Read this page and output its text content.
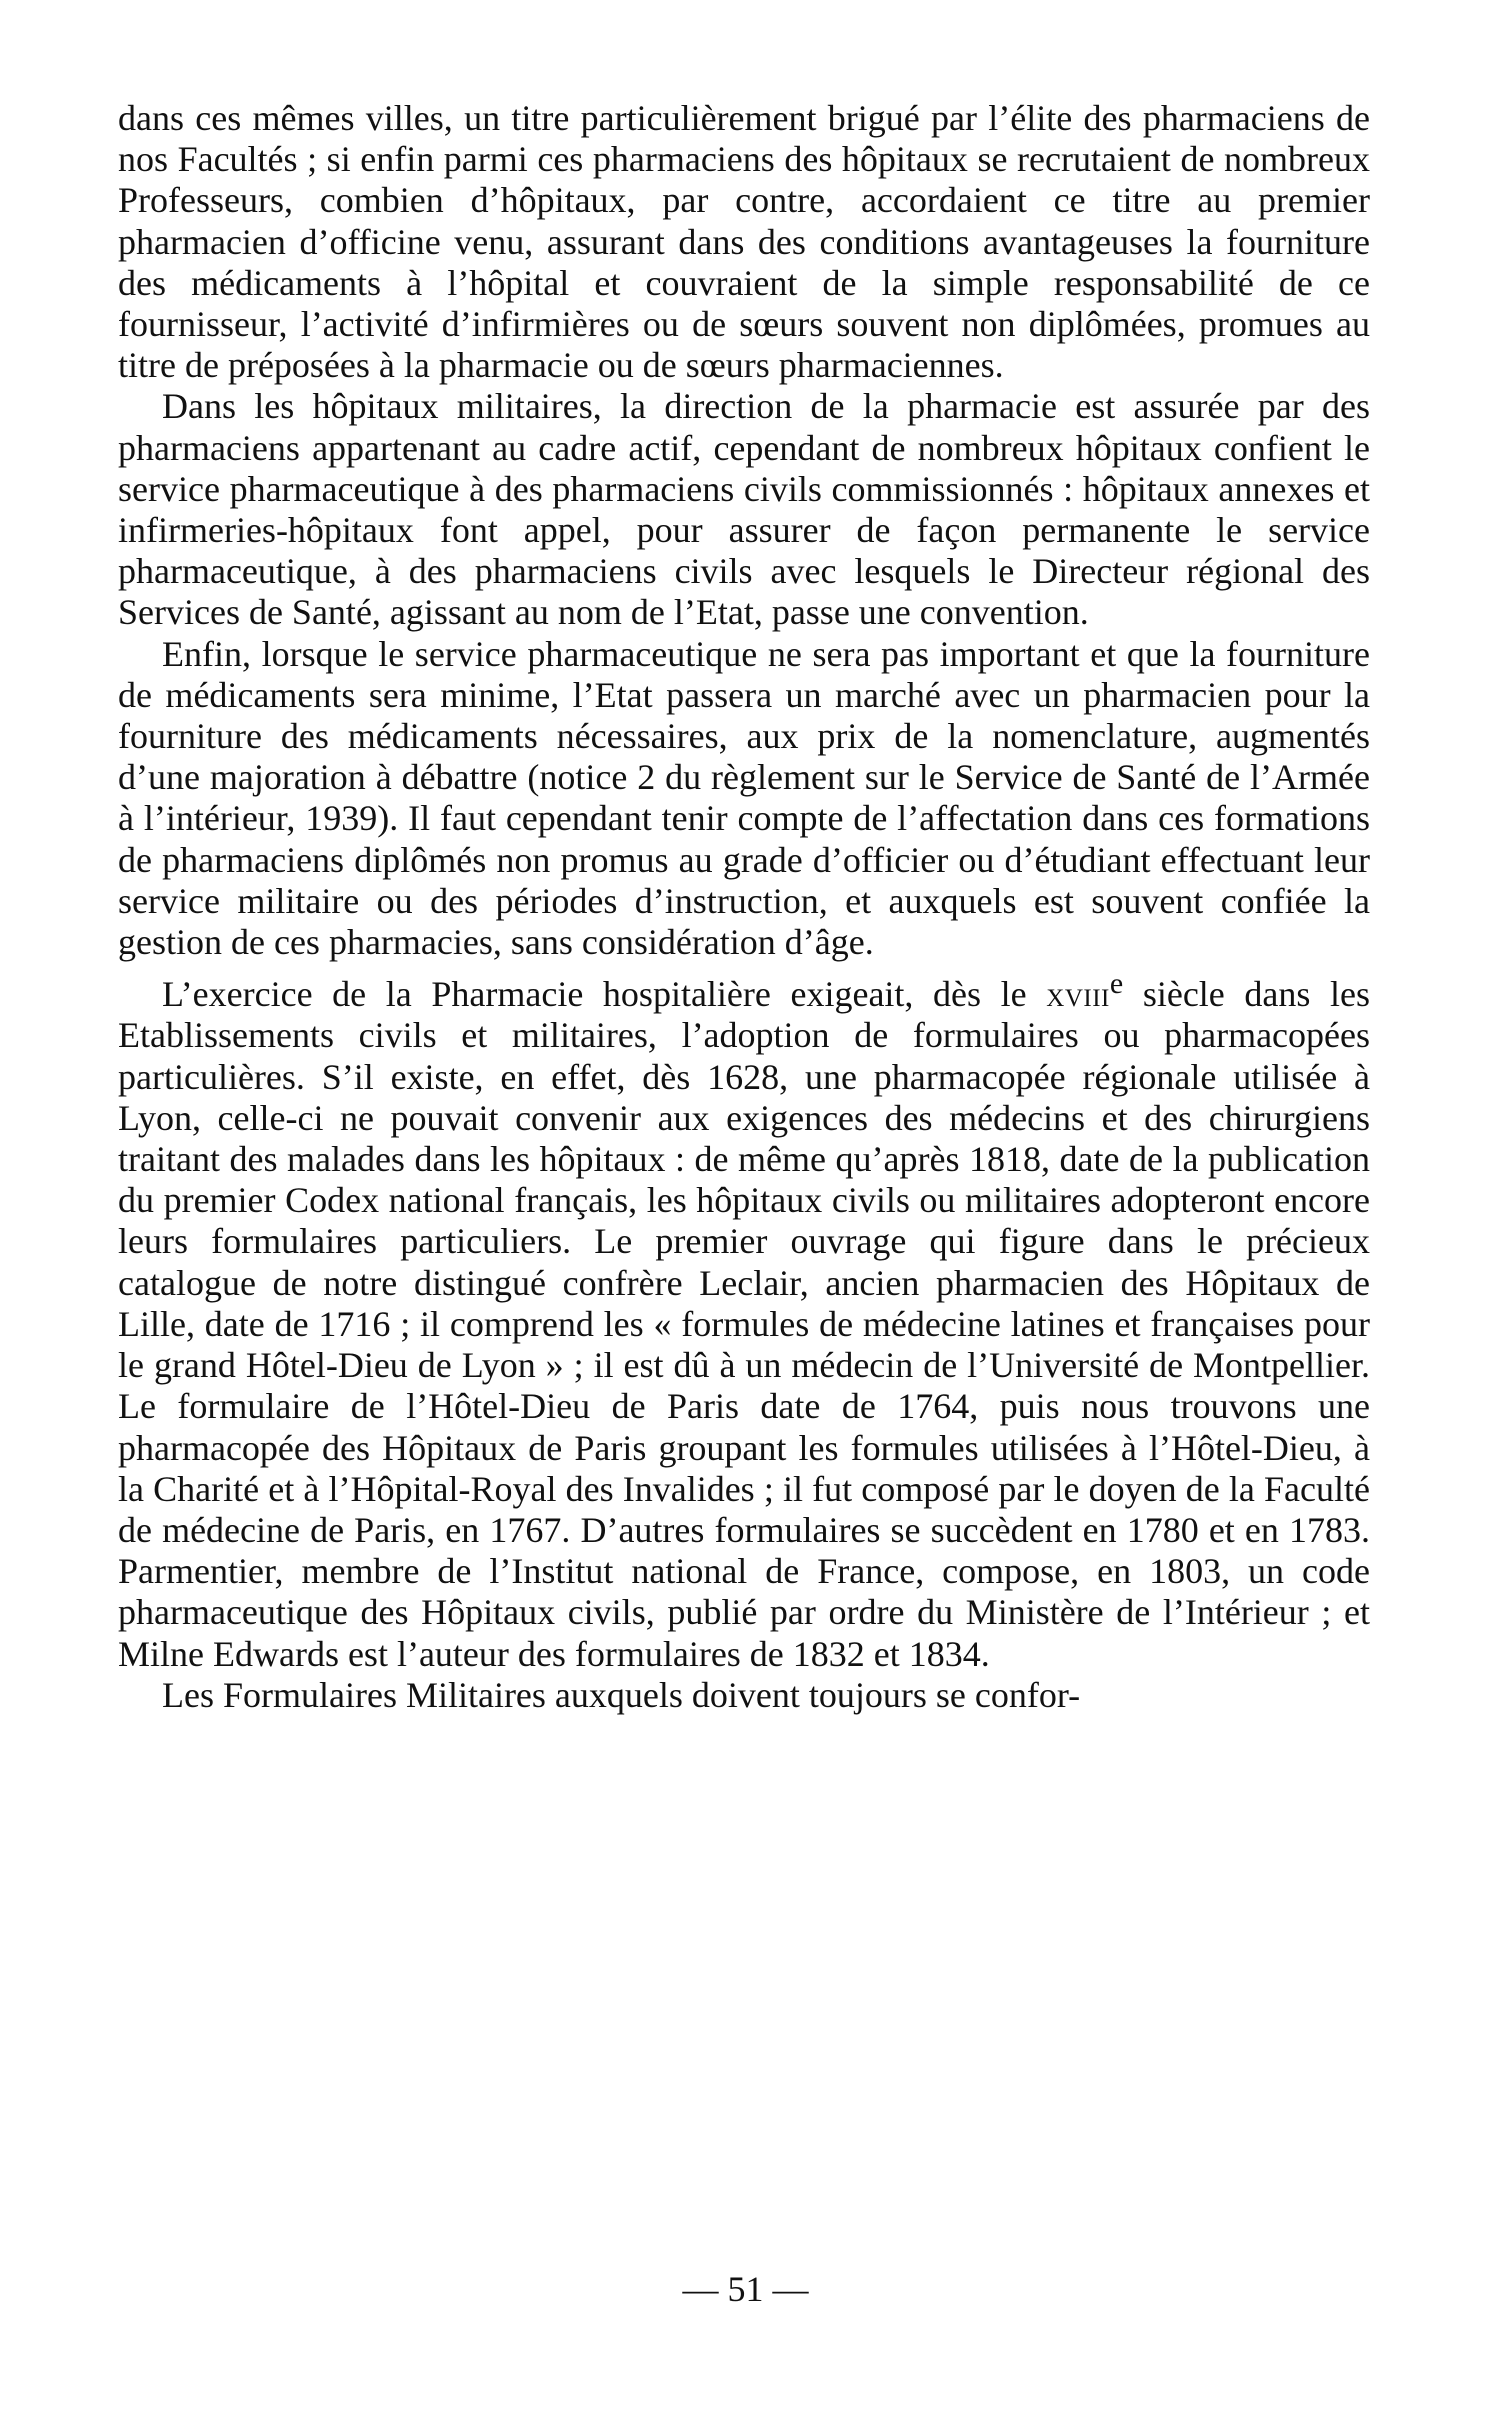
dans ces mêmes villes, un titre particulièrement brigué par l’élite des pharmaciens de nos Facultés ; si enfin parmi ces pharmaciens des hôpitaux se recrutaient de nombreux Professeurs, combien d’hôpitaux, par contre, accordaient ce titre au premier pharmacien d’officine venu, assurant dans des conditions avantageuses la fourniture des médicaments à l’hôpital et couvraient de la simple responsabilité de ce fournisseur, l’activité d’infirmières ou de sœurs souvent non diplômées, promues au titre de préposées à la pharmacie ou de sœurs pharmaciennes.

Dans les hôpitaux militaires, la direction de la pharmacie est assurée par des pharmaciens appartenant au cadre actif, cependant de nombreux hôpitaux confient le service pharmaceutique à des pharmaciens civils commissionnés : hôpitaux annexes et infirmeries-hôpitaux font appel, pour assurer de façon permanente le service pharmaceutique, à des pharmaciens civils avec lesquels le Directeur régional des Services de Santé, agissant au nom de l’Etat, passe une convention.

Enfin, lorsque le service pharmaceutique ne sera pas important et que la fourniture de médicaments sera minime, l’Etat passera un marché avec un pharmacien pour la fourniture des médicaments nécessaires, aux prix de la nomenclature, augmentés d’une majoration à débattre (notice 2 du règlement sur le Service de Santé de l’Armée à l’intérieur, 1939). Il faut cependant tenir compte de l’affectation dans ces formations de pharmaciens diplômés non promus au grade d’officier ou d’étudiant effectuant leur service militaire ou des périodes d’instruction, et auxquels est souvent confiée la gestion de ces pharmacies, sans considération d’âge.

L’exercice de la Pharmacie hospitalière exigeait, dès le xviii$^e$ siècle dans les Etablissements civils et militaires, l’adoption de formulaires ou pharmacopées particulières. S’il existe, en effet, dès 1628, une pharmacopée régionale utilisée à Lyon, celle-ci ne pouvait convenir aux exigences des médecins et des chirurgiens traitant des malades dans les hôpitaux : de même qu’après 1818, date de la publication du premier Codex national français, les hôpitaux civils ou militaires adopteront encore leurs formulaires particuliers. Le premier ouvrage qui figure dans le précieux catalogue de notre distingué confrère Leclair, ancien pharmacien des Hôpitaux de Lille, date de 1716 ; il comprend les « formules de médecine latines et françaises pour le grand Hôtel-Dieu de Lyon » ; il est dû à un médecin de l’Université de Montpellier. Le formulaire de l’Hôtel-Dieu de Paris date de 1764, puis nous trouvons une pharmacopée des Hôpitaux de Paris groupant les formules utilisées à l’Hôtel-Dieu, à la Charité et à l’Hôpital-Royal des Invalides ; il fut composé par le doyen de la Faculté de médecine de Paris, en 1767. D’autres formulaires se succèdent en 1780 et en 1783. Parmentier, membre de l’Institut national de France, compose, en 1803, un code pharmaceutique des Hôpitaux civils, publié par ordre du Ministère de l’Intérieur ; et Milne Edwards est l’auteur des formulaires de 1832 et 1834.

Les Formulaires Militaires auxquels doivent toujours se confor-

— 51 —
